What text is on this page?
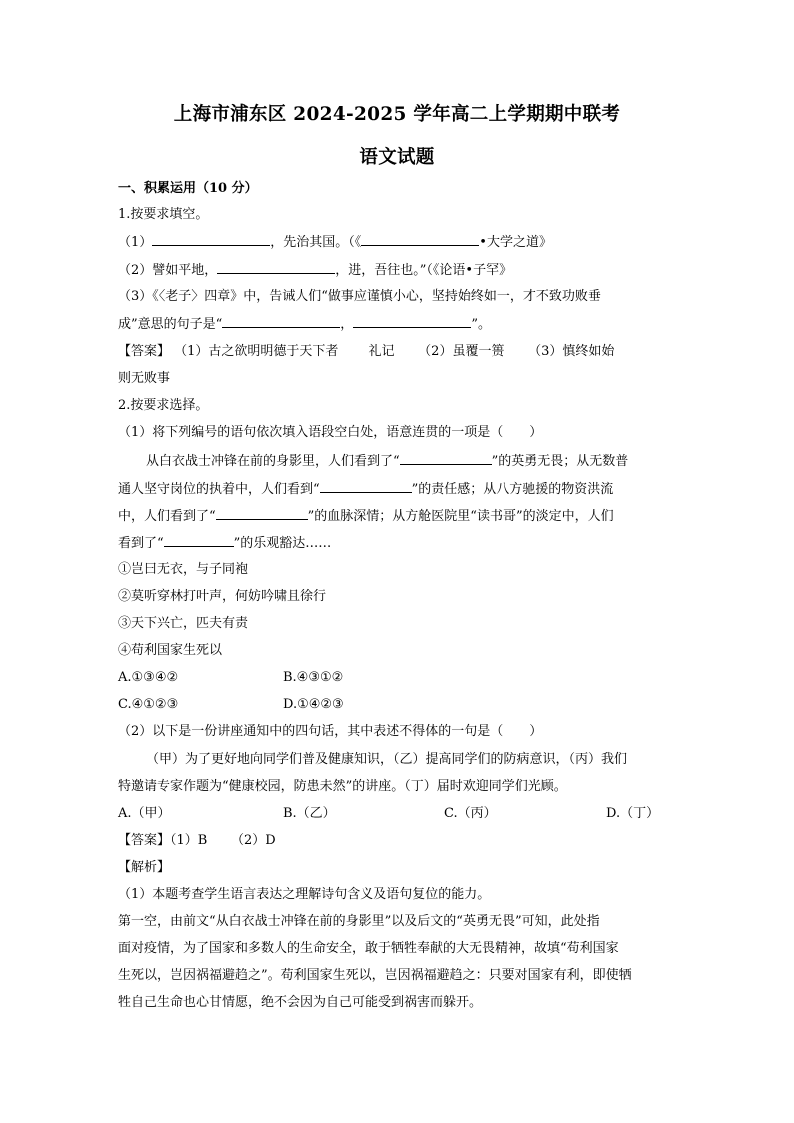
上海市浦东区 2024-2025 学年高二上学期期中联考
语文试题
一、积累运用（10 分）
1.按要求填空。
（1）	，先治其国。（《	•大学之道》
（2）譬如平地，	，进，吾往也。”（《论语•子罕》
（3）《〈老子〉四章》中，告诫人们“做事应谨慎小心，坚持始终如一，才不致功败垂
成”意思的句子是“	，	”。
【答案】 （1）古之欲明明德于天下者 　　礼记 　　（2）虽覆一篑 　　（3）慎终如始
则无败事
2.按要求选择。
（1）将下列编号的语句依次填入语段空白处，语意连贯的一项是（　　）
从白衣战士冲锋在前的身影里，人们看到了“	”的英勇无畏；从无数普
通人坚守岗位的执着中，人们看到“	”的责任感；从八方驰援的物资洪流
中，人们看到了“	”的血脉深情；从方舱医院里“读书哥”的淡定中，人们
看到了“	”的乐观豁达……
①岂曰无衣，与子同袍
②莫听穿林打叶声，何妨吟啸且徐行
③天下兴亡，匹夫有责
④苟利国家生死以
A.①③④②	B.④③①②
C.④①②③	D.①④②③
（2）以下是一份讲座通知中的四句话，其中表述不得体的一句是（　　）
（甲）为了更好地向同学们普及健康知识，（乙）提高同学们的防病意识，（丙）我们
特邀请专家作题为“健康校园，防患未然”的讲座。（丁）届时欢迎同学们光顾。
A.（甲）	B.（乙）	C.（丙）	D.（丁）
【答案】（1）B 　　（2）D
【解析】
（1）本题考查学生语言表达之理解诗句含义及语句复位的能力。
第一空，由前文“从白衣战士冲锋在前的身影里”以及后文的“英勇无畏”可知，此处指
面对疫情，为了国家和多数人的生命安全，敢于牺牲奉献的大无畏精神，故填“苟利国家
生死以，岂因祸福避趋之”。苟利国家生死以，岂因祸福避趋之：只要对国家有利，即使牺
牲自己生命也心甘情愿，绝不会因为自己可能受到祸害而躲开。
